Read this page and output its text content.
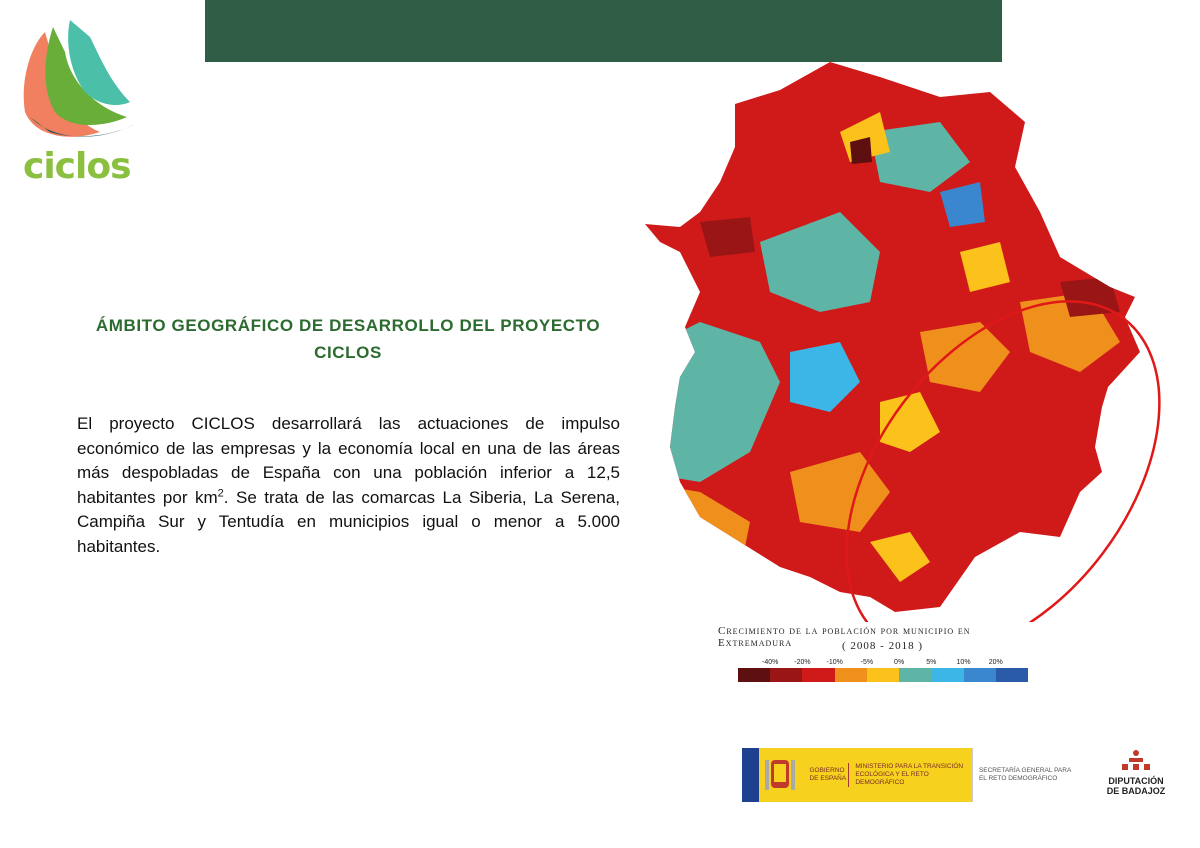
ciclos
ÁMBITO GEOGRÁFICO DE DESARROLLO DEL PROYECTO
CICLOS
El proyecto CICLOS desarrollará las actuaciones de impulso económico de las empresas y la economía local en una de las áreas más despobladas de España con una población inferior a 12,5 habitantes por $km^2$. Se trata de las comarcas La Siberia, La Serena, Campiña Sur y Tentudía en municipios igual o menor a 5.000 habitantes.
Crecimiento de la población por municipio en Extremadura	( 2008 - 2018 )
-40% -20% -10%	-5%	0%	5%	10%	20%
GOBIERNO DE ESPAÑA
MINISTERIO PARA LA TRANSICIÓN ECOLÓGICA Y EL RETO DEMOGRÁFICO
SECRETARÍA GENERAL PARA EL RETO DEMOGRÁFICO	DIPUTACIÓN DE BADAJOZ
